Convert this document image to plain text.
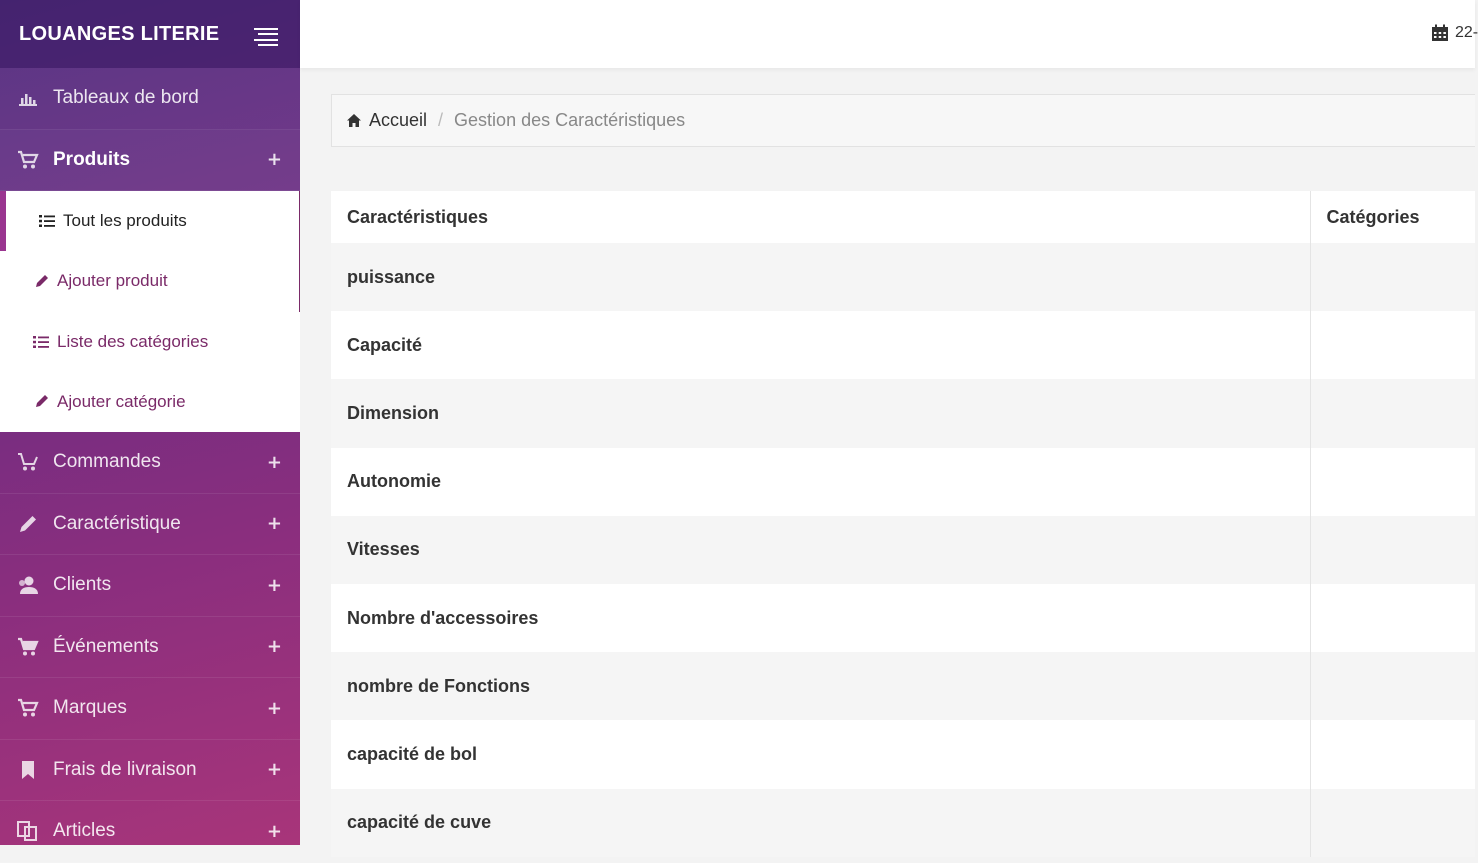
LOUANGES LITERIE
Tableaux de bord
Produits	+
Tout les produits
Ajouter produit
Liste des catégories
Ajouter catégorie
Commandes	+
Caractéristique	+
Clients	+
Événements	+
Marques	+
Frais de livraison	+
Articles	+
22-
Accueil / Gestion des Caractéristiques
Caractéristiques	Catégories
puissance	
Capacité	
Dimension	
Autonomie	
Vitesses	
Nombre d'accessoires	
nombre de Fonctions	
capacité de bol	
capacité de cuve	
